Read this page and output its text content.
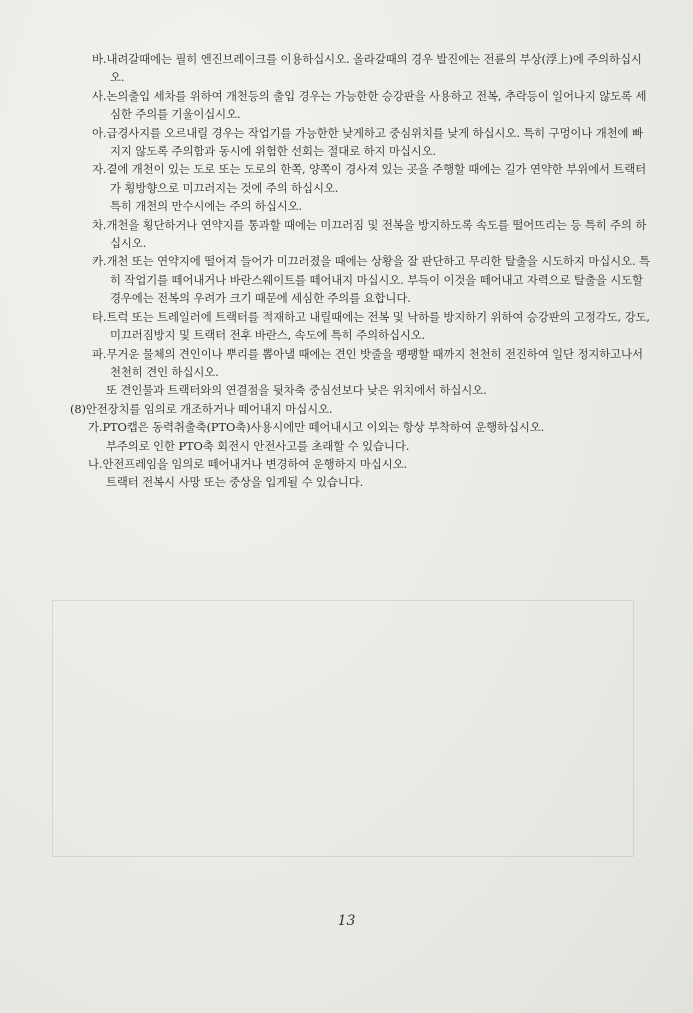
바.내려갈때에는 필히 엔진브레이크를 이용하십시오. 올라갈때의 경우 발진에는 전륜의 부상(浮上)에 주의하십시오.
사.논의출입 세차를 위하여 개천등의 출입 경우는 가능한한 승강판을 사용하고 전복, 추락등이 일어나지 않도록 세심한 주의를 기울이십시오.
아.급경사지를 오르내릴 경우는 작업기를 가능한한 낮게하고 중심위치를 낮게 하십시오. 특히 구멍이나 개천에 빠지지 않도록 주의함과 동시에 위험한 선회는 절대로 하지 마십시오.
자.곁에 개천이 있는 도로 또는 도로의 한쪽, 양쪽이 경사져 있는 곳을 주행할 때에는 길가 연약한 부위에서 트랙터가 횡방향으로 미끄러지는 것에 주의 하십시오.
특히 개천의 만수시에는 주의 하십시오.
차.개천을 횡단하거나 연약지를 통과할 때에는 미끄러짐 및 전복을 방지하도록 속도를 떨어뜨리는 등 특히 주의 하십시오.
카.개천 또는 연약지에 떨어져 들어가 미끄러졌을 때에는 상황을 잘 판단하고 무리한 탈출을 시도하지 마십시오. 특히 작업기를 떼어내거나 바란스웨이트를 떼어내지 마십시오. 부득이 이것을 떼어내고 자력으로 탈출을 시도할 경우에는 전복의 우려가 크기 때문에 세심한 주의를 요합니다.
타.트럭 또는 트레일러에 트랙터를 적재하고 내릴때에는 전복 및 낙하를 방지하기 위하여 승강판의 고정각도, 강도, 미끄러짐방지 및 트랙터 전후 바란스, 속도에 특히 주의하십시오.
파.무거운 물체의 견인이나 뿌리를 뽑아낼 때에는 견인 밧줄을 팽팽할 때까지 천천히 전진하여 일단 정지하고나서 천천히 견인 하십시오.
또 견인물과 트랙터와의 연결점을 뒷차축 중심선보다 낮은 위치에서 하십시오.
(8)안전장치를 임의로 개조하거나 떼어내지 마십시오.
가.PTO캡은 동력취출축(PTO축)사용시에만 떼어내시고 이외는 항상 부착하여 운행하십시오.
부주의로 인한 PTO축 회전시 안전사고를 초래할 수 있습니다.
나.안전프레임을 임의로 떼어내거나 변경하여 운행하지 마십시오.
트랙터 전복시 사망 또는 중상을 입게될 수 있습니다.
13
